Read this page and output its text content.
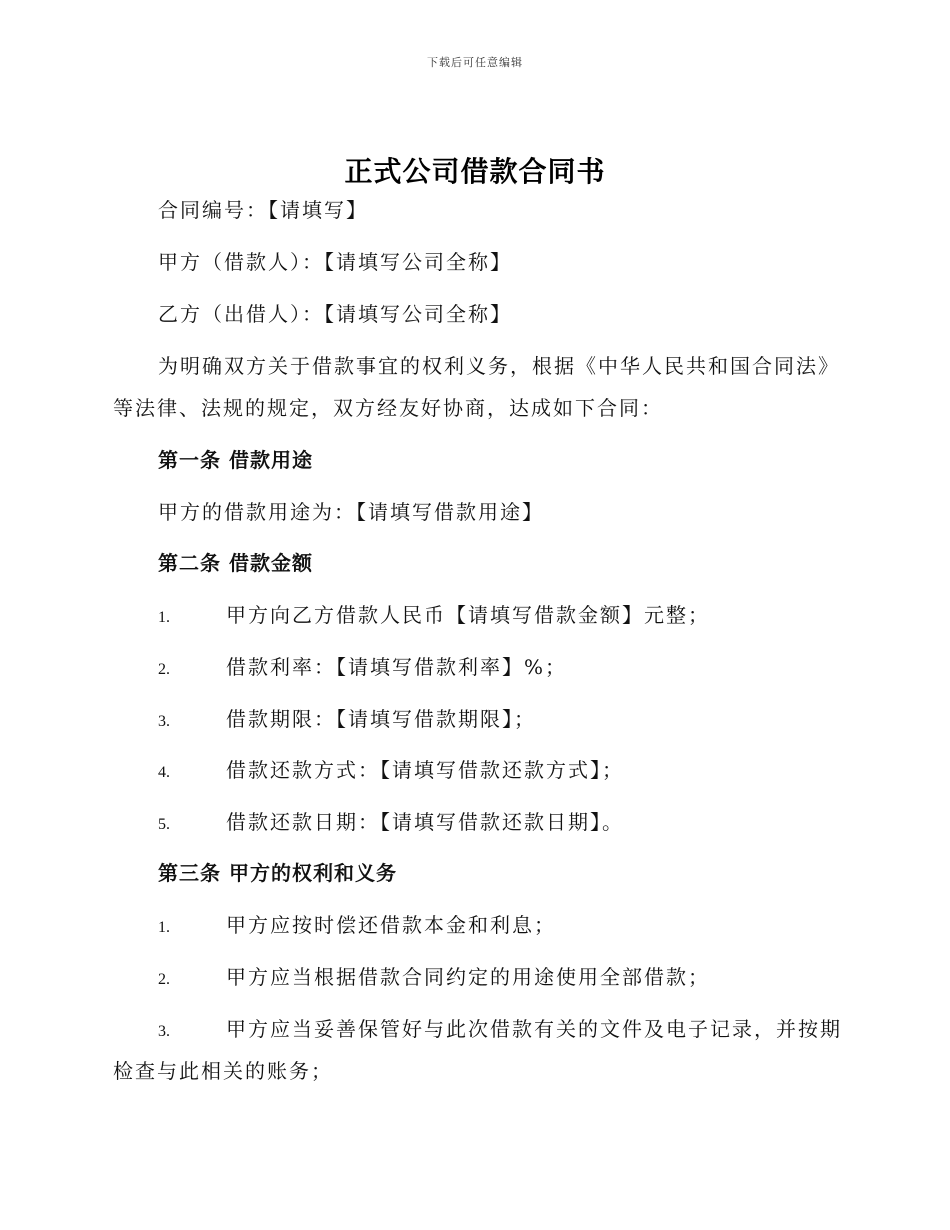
下载后可任意编辑
正式公司借款合同书
合同编号：【请填写】
甲方（借款人）：【请填写公司全称】
乙方（出借人）：【请填写公司全称】
为明确双方关于借款事宜的权利义务，根据《中华人民共和国合同法》
等法律、法规的规定，双方经友好协商，达成如下合同：
第一条 借款用途
甲方的借款用途为：【请填写借款用途】
第二条 借款金额
1.	甲方向乙方借款人民币【请填写借款金额】元整；
2.	借款利率：【请填写借款利率】%；
3.	借款期限：【请填写借款期限】；
4.	借款还款方式：【请填写借款还款方式】；
5.	借款还款日期：【请填写借款还款日期】。
第三条 甲方的权利和义务
1.	甲方应按时偿还借款本金和利息；
2.	甲方应当根据借款合同约定的用途使用全部借款；
3.	甲方应当妥善保管好与此次借款有关的文件及电子记录，并按期
检查与此相关的账务；
